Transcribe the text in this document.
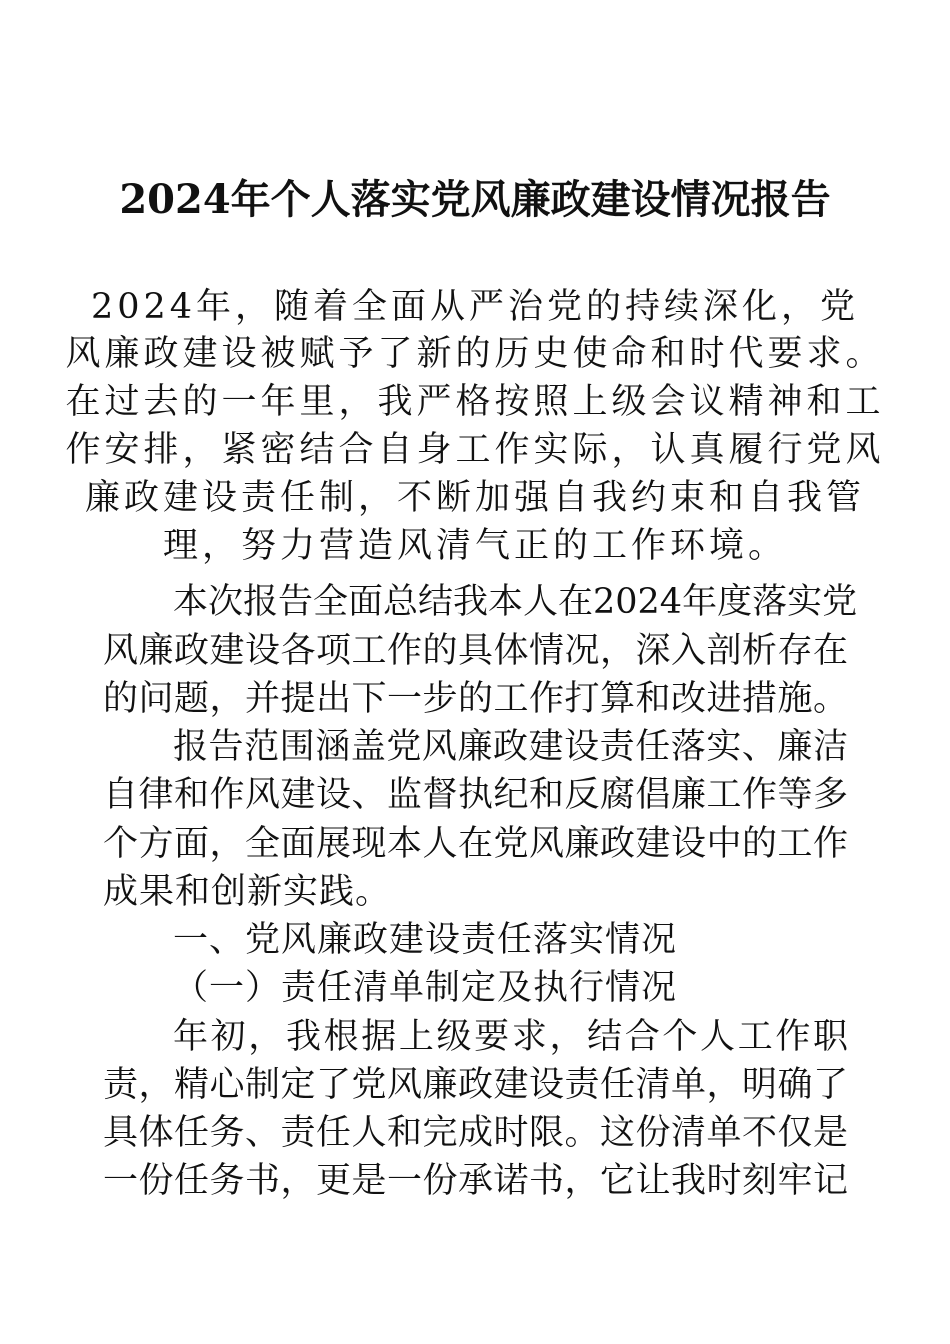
2024年个人落实党风廉政建设情况报告
2024年，随着全面从严治党的持续深化，党
风廉政建设被赋予了新的历史使命和时代要求。
在过去的一年里，我严格按照上级会议精神和工
作安排，紧密结合自身工作实际，认真履行党风
廉政建设责任制，不断加强自我约束和自我管
理，努力营造风清气正的工作环境。
本次报告全面总结我本人在2024年度落实党
风廉政建设各项工作的具体情况，深入剖析存在
的问题，并提出下一步的工作打算和改进措施。
报告范围涵盖党风廉政建设责任落实、廉洁
自律和作风建设、监督执纪和反腐倡廉工作等多
个方面，全面展现本人在党风廉政建设中的工作
成果和创新实践。
一、党风廉政建设责任落实情况
（一）责任清单制定及执行情况
年初，我根据上级要求，结合个人工作职
责，精心制定了党风廉政建设责任清单，明确了
具体任务、责任人和完成时限。这份清单不仅是
一份任务书，更是一份承诺书，它让我时刻牢记
